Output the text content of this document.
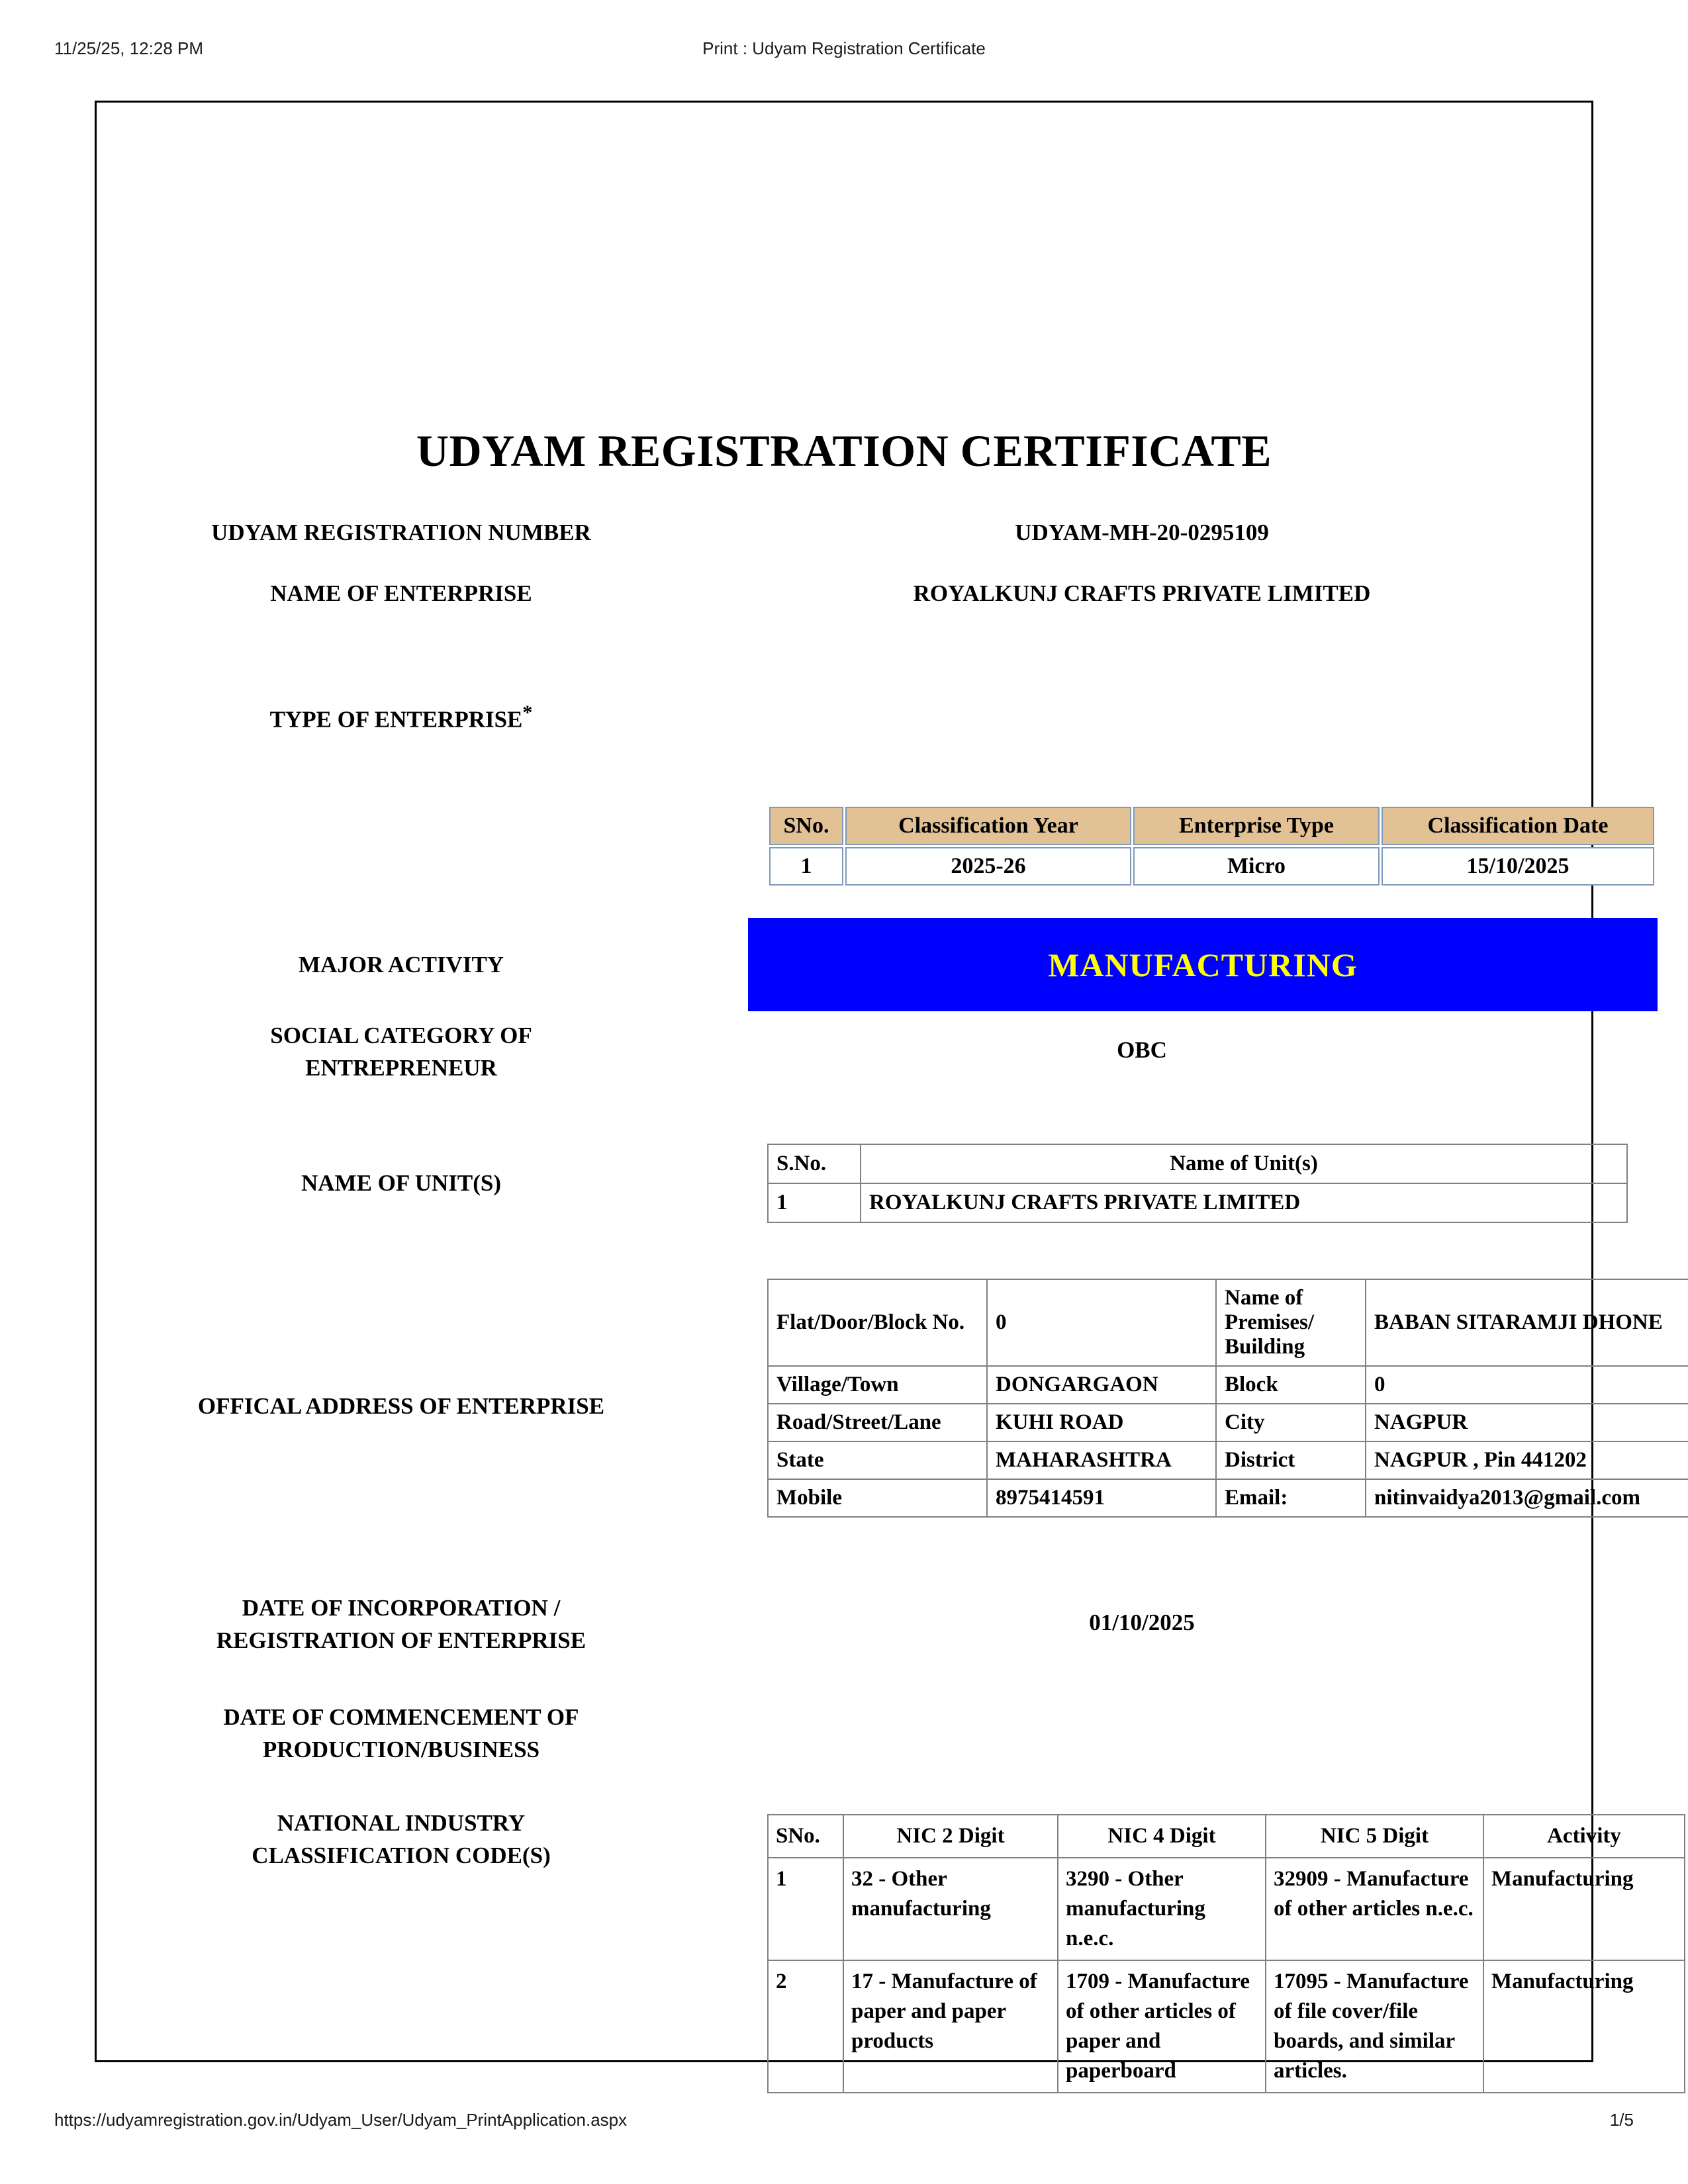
11/25/25, 12:28 PM	Print : Udyam Registration Certificate
UDYAM REGISTRATION CERTIFICATE
UDYAM REGISTRATION NUMBER	UDYAM-MH-20-0295109
NAME OF ENTERPRISE	ROYALKUNJ CRAFTS PRIVATE LIMITED
TYPE OF ENTERPRISE*
SNo.	Classification Year	Enterprise Type	Classification Date
1	2025-26	Micro	15/10/2025
MAJOR ACTIVITY	MANUFACTURING
SOCIAL CATEGORY OF
ENTREPRENEUR
OBC
NAME OF UNIT(S)
S.No.	Name of Unit(s)
1	ROYALKUNJ CRAFTS PRIVATE LIMITED
OFFICAL ADDRESS OF ENTERPRISE
Flat/Door/Block No.	0	Name of Premises/ Building	BABAN SITARAMJI DHONE
Village/Town	DONGARGAON	Block	0
Road/Street/Lane	KUHI ROAD	City	NAGPUR
State	MAHARASHTRA	District	NAGPUR , Pin 441202
Mobile	8975414591	Email:	nitinvaidya2013@gmail.com
DATE OF INCORPORATION /
REGISTRATION OF ENTERPRISE
01/10/2025
DATE OF COMMENCEMENT OF
PRODUCTION/BUSINESS
NATIONAL INDUSTRY
CLASSIFICATION CODE(S)
SNo.	NIC 2 Digit	NIC 4 Digit	NIC 5 Digit	Activity
1	32 - Other manufacturing	3290 - Other manufacturing n.e.c.	32909 - Manufacture of other articles n.e.c.	Manufacturing
2	17 - Manufacture of paper and paper products	1709 - Manufacture of other articles of paper and paperboard	17095 - Manufacture of file cover/file boards, and similar articles.	Manufacturing
https://udyamregistration.gov.in/Udyam_User/Udyam_PrintApplication.aspx	1/5
